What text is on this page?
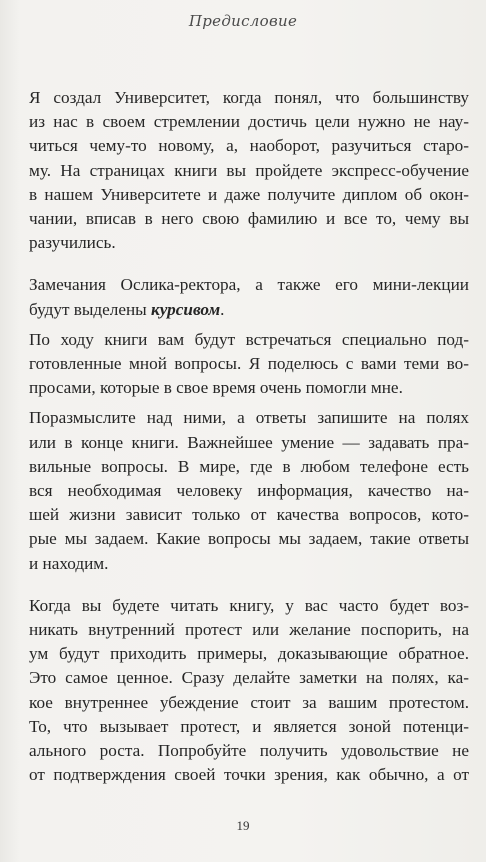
Предисловие

Я создал Университет, когда понял, что большинству
из нас в своем стремлении достичь цели нужно не нау-
читься чему-то новому, а, наоборот, разучиться старо-
му. На страницах книги вы пройдете экспресс-обучение
в нашем Университете и даже получите диплом об окон-
чании, вписав в него свою фамилию и все то, чему вы
разучились.

Замечания Ослика-ректора, а также его мини-лекции
будут выделены курсивом.

По ходу книги вам будут встречаться специально под-
готовленные мной вопросы. Я поделюсь с вами теми во-
просами, которые в свое время очень помогли мне.

Поразмыслите над ними, а ответы запишите на полях
или в конце книги. Важнейшее умение — задавать пра-
вильные вопросы. В мире, где в любом телефоне есть
вся необходимая человеку информация, качество на-
шей жизни зависит только от качества вопросов, кото-
рые мы задаем. Какие вопросы мы задаем, такие ответы
и находим.

Когда вы будете читать книгу, у вас часто будет воз-
никать внутренний протест или желание поспорить, на
ум будут приходить примеры, доказывающие обратное.
Это самое ценное. Сразу делайте заметки на полях, ка-
кое внутреннее убеждение стоит за вашим протестом.
То, что вызывает протест, и является зоной потенци-
ального роста. Попробуйте получить удовольствие не
от подтверждения своей точки зрения, как обычно, а от

19
